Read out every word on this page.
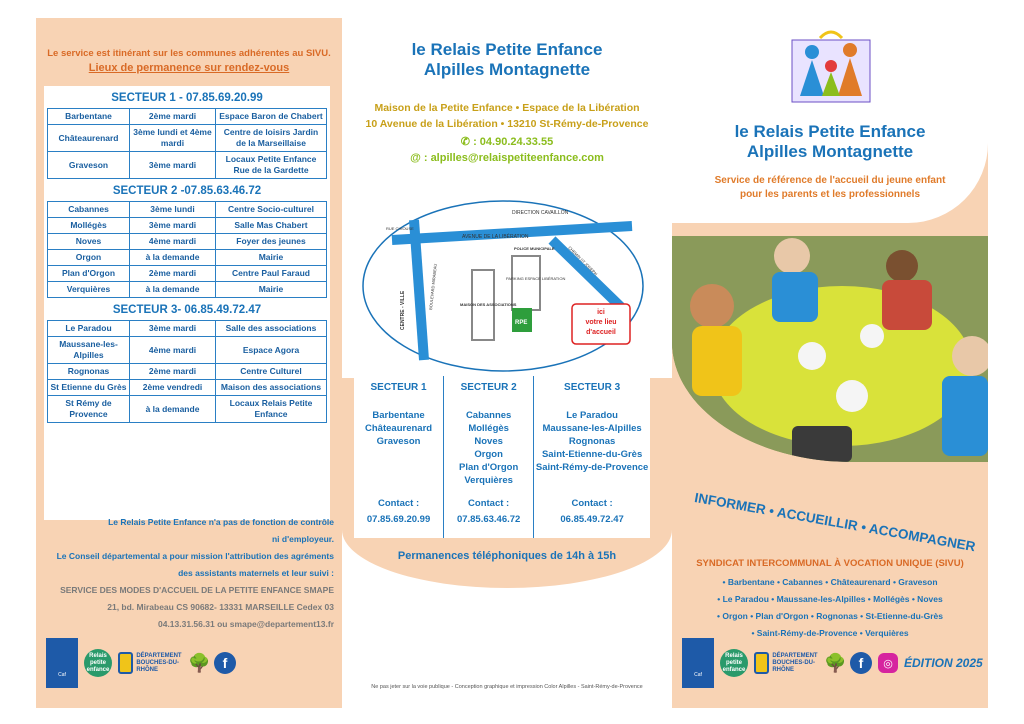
Le service est itinérant sur les communes adhérentes au SIVU.
Lieux de permanence sur rendez-vous
SECTEUR 1 - 07.85.69.20.99
Barbentane	2ème mardi	Espace Baron de Chabert
Châteaurenard	3ème lundi et 4ème mardi	Centre de loisirs Jardin de la Marseillaise
Graveson	3ème mardi	Locaux Petite Enfance Rue de la Gardette
SECTEUR 2 -07.85.63.46.72
Cabannes	3ème lundi	Centre Socio-culturel
Mollégès	3ème mardi	Salle Mas Chabert
Noves	4ème mardi	Foyer des jeunes
Orgon	à la demande	Mairie
Plan d'Orgon	2ème mardi	Centre Paul Faraud
Verquières	à la demande	Mairie
SECTEUR 3- 06.85.49.72.47
Le Paradou	3ème mardi	Salle des associations
Maussane-les-Alpilles	4ème mardi	Espace Agora
Rognonas	2ème mardi	Centre Culturel
St Etienne du Grès	2ème vendredi	Maison des associations
St Rémy de Provence	à la demande	Locaux Relais Petite Enfance
Le Relais Petite Enfance n'a pas de fonction de contrôle
ni d'employeur.
Le Conseil départemental a pour mission l'attribution des agréments
des assistants maternels et leur suivi :
SERVICE DES MODES D'ACCUEIL DE LA PETITE ENFANCE SMAPE
21, bd. Mirabeau CS 90682- 13331 MARSEILLE Cedex 03
04.13.31.56.31 ou smape@departement13.fr
Caf
Relais petite enfance
DÉPARTEMENT
BOUCHES-DU-RHÔNE	🌳 f
le Relais Petite Enfance
Alpilles Montagnette
Maison de la Petite Enfance • Espace de la Libération
10 Avenue de la Libération • 13210 St-Rémy-de-Provence
✆ : 04.90.24.33.55
@ : alpilles@relaispetiteenfance.com
DIRECTION CAVAILLON
AVENUE DE LA LIBÉRATION
RUE CHIOUSE
POLICE MUNICIPALE
PARKING ESPACE LIBÉRATION
MAISON DES ASSOCIATIONS
CENTRE - VILLE
BOULEVARD MIRABEAU
CHEMIN ST JOSEPH
RPE
ici
votre lieu
d'accueil
SECTEUR 1
Barbentane
Châteaurenard
Graveson
Contact :
07.85.69.20.99
SECTEUR 2
Cabannes
Mollégès
Noves
Orgon
Plan d'Orgon
Verquières
Contact :
07.85.63.46.72
SECTEUR 3
Le Paradou
Maussane-les-Alpilles
Rognonas
Saint-Etienne-du-Grès
Saint-Rémy-de-Provence
Contact :
06.85.49.72.47
Permanences téléphoniques de 14h à 15h
Ne pas jeter sur la voie publique - Conception graphique et impression Color Alpilles - Saint-Rémy-de-Provence
le Relais Petite Enfance
Alpilles Montagnette
Service de référence de l'accueil du jeune enfant
pour les parents et les professionnels
INFORMER • ACCUEILLIR • ACCOMPAGNER
SYNDICAT INTERCOMMUNAL À VOCATION UNIQUE (SIVU)
• Barbentane • Cabannes • Châteaurenard • Graveson
• Le Paradou • Maussane-les-Alpilles • Mollégès • Noves
• Orgon • Plan d'Orgon • Rognonas • St-Etienne-du-Grès
• Saint-Rémy-de-Provence • Verquières
Caf
Relais petite enfance
DÉPARTEMENT
BOUCHES-DU-RHÔNE	🌳 f	◎ ÉDITION 2025
